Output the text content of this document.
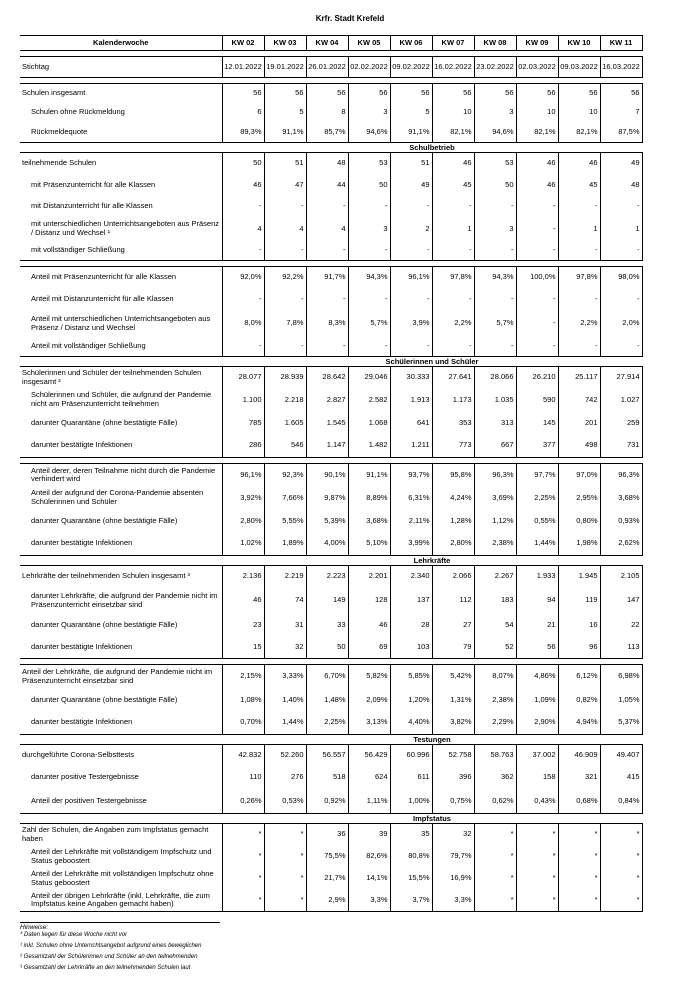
Krfr. Stadt Krefeld
Kalenderwoche	KW 02	KW 03	KW 04	KW 05	KW 06	KW 07	KW 08	KW 09	KW 10	KW 11

Stichtag	12.01.2022	19.01.2022	26.01.2022	02.02.2022	09.02.2022	16.02.2022	23.02.2022	02.03.2022	09.03.2022	16.03.2022

Schulen insgesamt	56	56	56	56	56	56	56	56	56	56
Schulen ohne Rückmeldung	6	5	8	3	5	10	3	10	10	7
Rückmeldequote	89,3%	91,1%	85,7%	94,6%	91,1%	82,1%	94,6%	82,1%	82,1%	87,5%
	Schulbetrieb									
teilnehmende Schulen	50	51	48	53	51	46	53	46	46	49
mit Präsenzunterricht für alle Klassen	46	47	44	50	49	45	50	46	45	48
mit Distanzunterricht für alle Klassen	-	-	-	-	-	-	-	-	-	-
mit unterschiedlichen Unterrichtsangeboten aus Präsenz / Distanz und Wechsel ¹	4	4	4	3	2	1	3	-	1	1
mit vollständiger Schließung	-	-	-	-	-	-	-	-	-	-

Anteil mit Präsenzunterricht für alle Klassen	92,0%	92,2%	91,7%	94,3%	96,1%	97,8%	94,3%	100,0%	97,8%	98,0%
Anteil mit Distanzunterricht für alle Klassen	-	-	-	-	-	-	-	-	-	-
Anteil mit unterschiedlichen Unterrichtsangeboten aus Präsenz / Distanz und Wechsel	8,0%	7,8%	8,3%	5,7%	3,9%	2,2%	5,7%	-	2,2%	2,0%
Anteil mit vollständiger Schließung	-	-	-	-	-	-	-	-	-	-
	Schülerinnen und Schüler									
Schülerinnen und Schüler der teilnehmenden Schulen insgesamt ²	28.077	28.939	28.642	29.046	30.333	27.641	28.066	26.210	25.117	27.914
Schülerinnen und Schüler, die aufgrund der Pandemie nicht am Präsenzunterricht teilnehmen	1.100	2.218	2.827	2.582	1.913	1.173	1.035	590	742	1.027
darunter Quarantäne (ohne bestätigte Fälle)	785	1.605	1.545	1.068	641	353	313	145	201	259
darunter bestätigte Infektionen	286	546	1.147	1.482	1.211	773	667	377	498	731

Anteil derer, deren Teilnahme nicht durch die Pandemie verhindert wird	96,1%	92,3%	90,1%	91,1%	93,7%	95,8%	96,3%	97,7%	97,0%	96,3%
Anteil der aufgrund der Corona-Pandemie absenten Schülerinnen und Schüler	3,92%	7,66%	9,87%	8,89%	6,31%	4,24%	3,69%	2,25%	2,95%	3,68%
darunter Quarantäne (ohne bestätigte Fälle)	2,80%	5,55%	5,39%	3,68%	2,11%	1,28%	1,12%	0,55%	0,80%	0,93%
darunter bestätigte Infektionen	1,02%	1,89%	4,00%	5,10%	3,99%	2,80%	2,38%	1,44%	1,98%	2,62%
	Lehrkräfte									
Lehrkräfte der teilnehmenden Schulen insgesamt ³	2.136	2.219	2.223	2.201	2.340	2.066	2.267	1.933	1.945	2.105
darunter Lehrkräfte, die aufgrund der Pandemie nicht im Präsenzunterricht einsetzbar sind	46	74	149	128	137	112	183	94	119	147
darunter Quarantäne (ohne bestätigte Fälle)	23	31	33	46	28	27	54	21	16	22
darunter bestätigte Infektionen	15	32	50	69	103	79	52	56	96	113

Anteil der Lehrkräfte, die aufgrund der Pandemie nicht im Präsenzunterricht einsetzbar sind	2,15%	3,33%	6,70%	5,82%	5,85%	5,42%	8,07%	4,86%	6,12%	6,98%
darunter Quarantäne (ohne bestätigte Fälle)	1,08%	1,40%	1,48%	2,09%	1,20%	1,31%	2,38%	1,09%	0,82%	1,05%
darunter bestätigte Infektionen	0,70%	1,44%	2,25%	3,13%	4,40%	3,82%	2,29%	2,90%	4,94%	5,37%
	Testungen									
durchgeführte Corona-Selbsttests	42.832	52.260	56.557	56.429	60.996	52.758	58.763	37.002	46.909	49.407
darunter positive Testergebnisse	110	276	518	624	611	396	362	158	321	415
Anteil der positiven Testergebnisse	0,26%	0,53%	0,92%	1,11%	1,00%	0,75%	0,62%	0,43%	0,68%	0,84%
	Impfstatus									
Zahl der Schulen, die Angaben zum Impfstatus gemacht haben	*	*	36	39	35	32	*	*	*	*
Anteil der Lehrkräfte mit vollständigem Impfschutz und Status geboostert	*	*	75,5%	82,6%	80,8%	79,7%	*	*	*	*
Anteil der Lehrkräfte mit vollständigen Impfschutz ohne Status geboostert	*	*	21,7%	14,1%	15,5%	16,9%	*	*	*	*
Anteil der übrigen Lehrkräfte (inkl. Lehrkräfte, die zum Impfstatus keine Angaben gemacht haben)	*	*	2,9%	3,3%	3,7%	3,3%	*	*	*	*
Hinweise:
* Daten liegen für diese Woche nicht vor
¹ inkl. Schulen ohne Unterrichtsangebot aufgrund eines beweglichen
² Gesamtzahl der Schülerinnen und Schüler an den teilnehmenden
³ Gesamtzahl der Lehrkräfte an den teilnehmenden Schulen laut
